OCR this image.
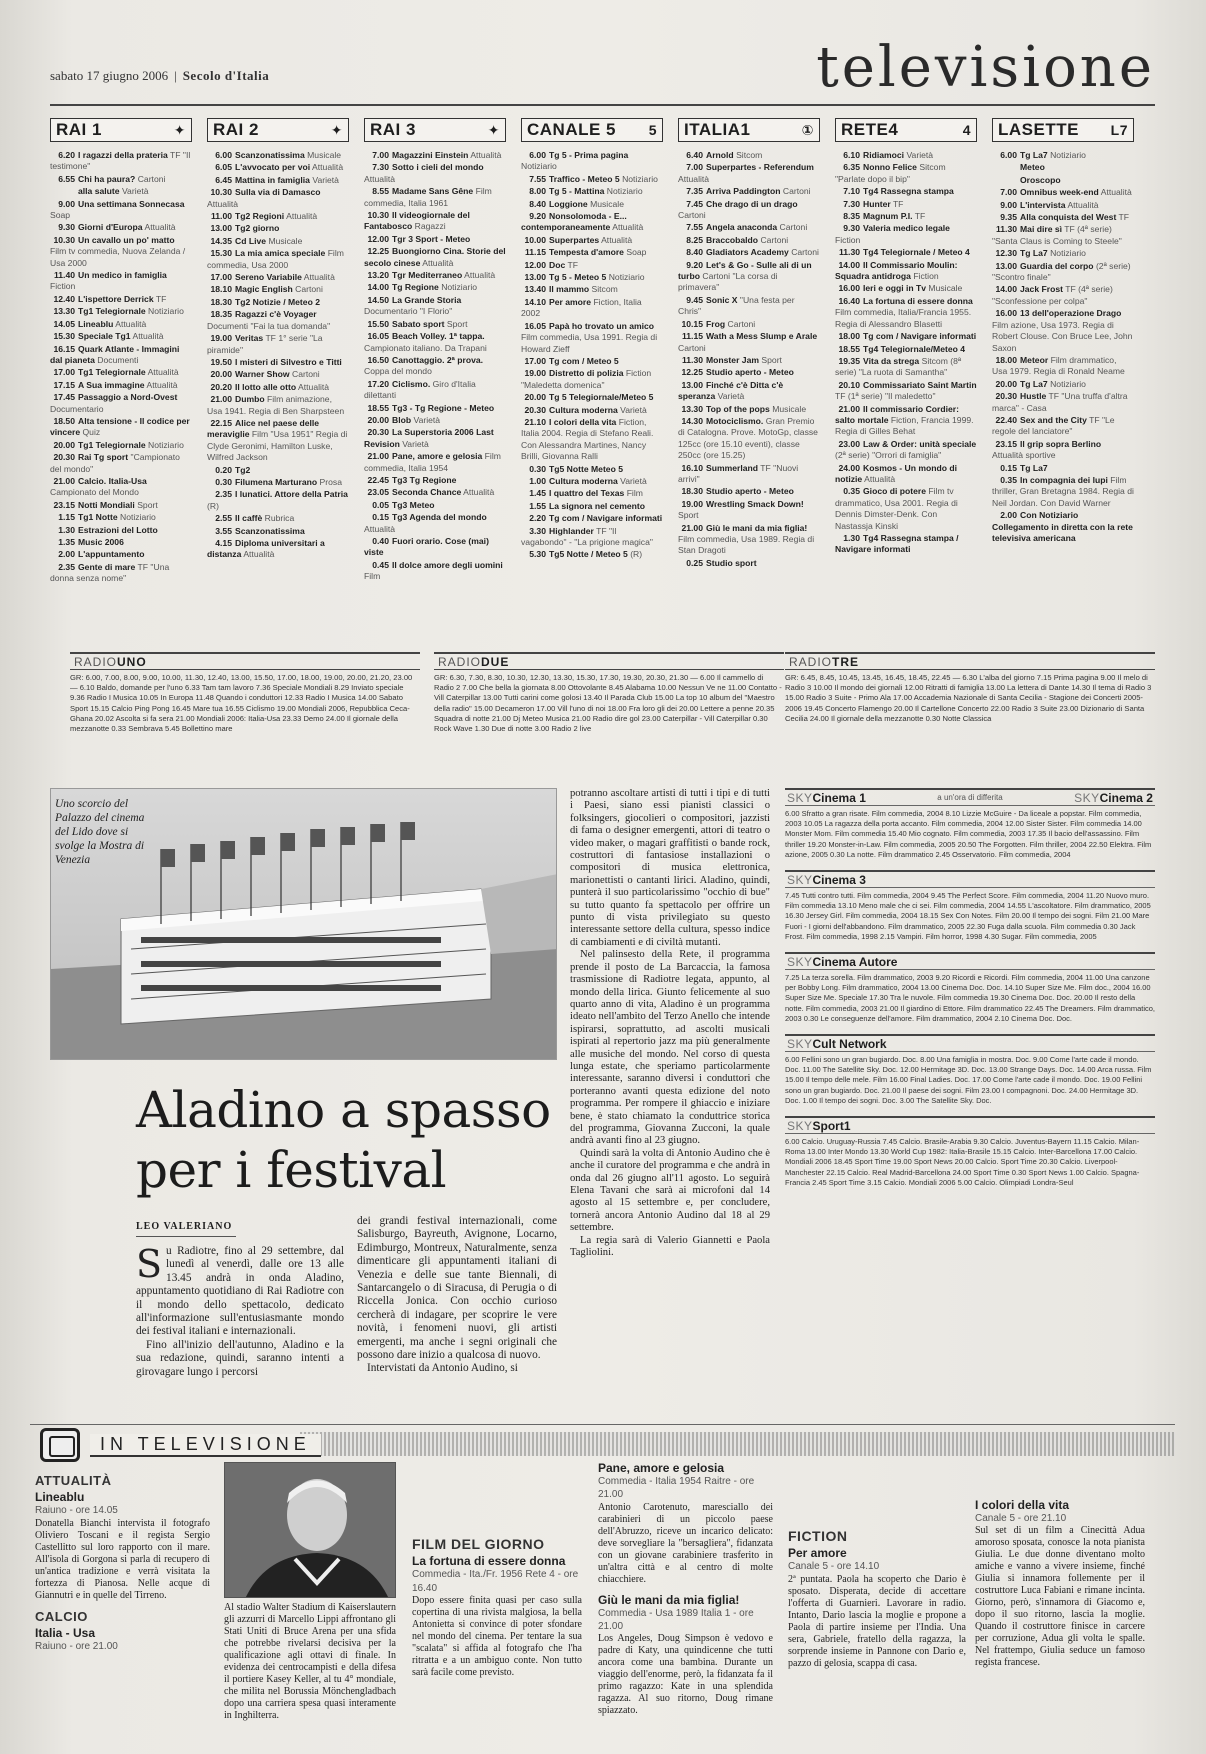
sabato 17 giugno 2006 | Secolo d'Italia	televisione
RAI 1	✦
6.20 I ragazzi della prateria TF "Il testimone"
6.55 Chi ha paura? Cartoni
alla salute Varietà
9.00 Una settimana Sonnecasa Soap
9.30 Giorni d'Europa Attualità
10.30 Un cavallo un po' matto Film tv commedia, Nuova Zelanda / Usa 2000
11.40 Un medico in famiglia Fiction
12.40 L'ispettore Derrick TF
13.30 Tg1 Telegiornale Notiziario
14.05 Lineablu Attualità
15.30 Speciale Tg1 Attualità
16.15 Quark Atlante - Immagini dal pianeta Documenti
17.00 Tg1 Telegiornale Attualità
17.15 A Sua immagine Attualità
17.45 Passaggio a Nord-Ovest Documentario
18.50 Alta tensione - Il codice per vincere Quiz
20.00 Tg1 Telegiornale Notiziario
20.30 Rai Tg sport "Campionato del mondo"
21.00 Calcio. Italia-Usa Campionato del Mondo
23.15 Notti Mondiali Sport
1.15 Tg1 Notte Notiziario
1.30 Estrazioni del Lotto
1.35 Music 2006
2.00 L'appuntamento
2.35 Gente di mare TF "Una donna senza nome"
RAI 2	✦
6.00 Scanzonatissima Musicale
6.05 L'avvocato per voi Attualità
6.45 Mattina in famiglia Varietà
10.30 Sulla via di Damasco Attualità
11.00 Tg2 Regioni Attualità
13.00 Tg2 giorno
14.35 Cd Live Musicale
15.30 La mia amica speciale Film commedia, Usa 2000
17.00 Sereno Variabile Attualità
18.10 Magic English Cartoni
18.30 Tg2 Notizie / Meteo 2
18.35 Ragazzi c'è Voyager Documenti "Fai la tua domanda"
19.00 Veritas TF 1° serie "La piramide"
19.50 I misteri di Silvestro e Titti
20.00 Warner Show Cartoni
20.20 Il lotto alle otto Attualità
21.00 Dumbo Film animazione, Usa 1941. Regia di Ben Sharpsteen
22.15 Alice nel paese delle meraviglie Film "Usa 1951" Regia di Clyde Geronimi, Hamilton Luske, Wilfred Jackson
0.20 Tg2
0.30 Filumena Marturano Prosa
2.35 I lunatici. Attore della Patria (R)
2.55 Il caffè Rubrica
3.55 Scanzonatissima
4.15 Diploma universitari a distanza Attualità
RAI 3	✦
7.00 Magazzini Einstein Attualità
7.30 Sotto i cieli del mondo Attualità
8.55 Madame Sans Gêne Film commedia, Italia 1961
10.30 Il videogiornale del Fantabosco Ragazzi
12.00 Tgr 3 Sport - Meteo
12.25 Buongiorno Cina. Storie del secolo cinese Attualità
13.20 Tgr Mediterraneo Attualità
14.00 Tg Regione Notiziario
14.50 La Grande Storia Documentario "I Florio"
15.50 Sabato sport Sport
16.05 Beach Volley. 1ª tappa. Campionato italiano. Da Trapani
16.50 Canottaggio. 2ª prova. Coppa del mondo
17.20 Ciclismo. Giro d'Italia dilettanti
18.55 Tg3 - Tg Regione - Meteo
20.00 Blob Varietà
20.30 La Superstoria 2006 Last Revision Varietà
21.00 Pane, amore e gelosia Film commedia, Italia 1954
22.45 Tg3 Tg Regione
23.05 Seconda Chance Attualità
0.05 Tg3 Meteo
0.15 Tg3 Agenda del mondo Attualità
0.40 Fuori orario. Cose (mai) viste
0.45 Il dolce amore degli uomini Film
CANALE 5 5
6.00 Tg 5 - Prima pagina Notiziario
7.55 Traffico - Meteo 5 Notiziario
8.00 Tg 5 - Mattina Notiziario
8.40 Loggione Musicale
9.20 Nonsolomoda - E... contemporaneamente Attualità
10.00 Superpartes Attualità
11.15 Tempesta d'amore Soap
12.00 Doc TF
13.00 Tg 5 - Meteo 5 Notiziario
13.40 Il mammo Sitcom
14.10 Per amore Fiction, Italia 2002
16.05 Papà ho trovato un amico Film commedia, Usa 1991. Regia di Howard Zieff
17.00 Tg com / Meteo 5
19.00 Distretto di polizia Fiction "Maledetta domenica"
20.00 Tg 5 Telegiornale/Meteo 5
20.30 Cultura moderna Varietà
21.10 I colori della vita Fiction, Italia 2004. Regia di Stefano Reali. Con Alessandra Martines, Nancy Brilli, Giovanna Ralli
0.30 Tg5 Notte Meteo 5
1.00 Cultura moderna Varietà
1.45 I quattro del Texas Film
1.55 La signora nel cemento
2.20 Tg com / Navigare informati
3.30 Highlander TF "Il vagabondo" - "La prigione magica"
5.30 Tg5 Notte / Meteo 5 (R)
ITALIA1	①
6.40 Arnold Sitcom
7.00 Superpartes - Referendum Attualità
7.35 Arriva Paddington Cartoni
7.45 Che drago di un drago Cartoni
7.55 Angela anaconda Cartoni
8.25 Braccobaldo Cartoni
8.40 Gladiators Academy Cartoni
9.20 Let's & Go - Sulle ali di un turbo Cartoni "La corsa di primavera"
9.45 Sonic X "Una festa per Chris"
10.15 Frog Cartoni
11.15 Wath a Mess Slump e Arale Cartoni
11.30 Monster Jam Sport
12.25 Studio aperto - Meteo
13.00 Finché c'è Ditta c'è speranza Varietà
13.30 Top of the pops Musicale
14.30 Motociclismo. Gran Premio di Catalogna. Prove. MotoGp, classe 125cc (ore 15.10 eventi), classe 250cc (ore 15.25)
16.10 Summerland TF "Nuovi arrivi"
18.30 Studio aperto - Meteo
19.00 Wrestling Smack Down! Sport
21.00 Giù le mani da mia figlia! Film commedia, Usa 1989. Regia di Stan Dragoti
0.25 Studio sport
RETE4	4
6.10 Ridiamoci Varietà
6.35 Nonno Felice Sitcom "Parlate dopo il bip"
7.10 Tg4 Rassegna stampa
7.30 Hunter TF
8.35 Magnum P.I. TF
9.30 Valeria medico legale Fiction
11.30 Tg4 Telegiornale / Meteo 4
14.00 Il Commissario Moulin: Squadra antidroga Fiction
16.00 Ieri e oggi in Tv Musicale
16.40 La fortuna di essere donna Film commedia, Italia/Francia 1955. Regia di Alessandro Blasetti
18.00 Tg com / Navigare informati
18.55 Tg4 Telegiornale/Meteo 4
19.35 Vita da strega Sitcom (8ª serie) "La ruota di Samantha"
20.10 Commissariato Saint Martin TF (1ª serie) "Il maledetto"
21.00 Il commissario Cordier: salto mortale Fiction, Francia 1999. Regia di Gilles Behat
23.00 Law & Order: unità speciale (2ª serie) "Orrori di famiglia"
24.00 Kosmos - Un mondo di notizie Attualità
0.35 Gioco di potere Film tv drammatico, Usa 2001. Regia di Dennis Dimster-Denk. Con Nastassja Kinski
1.30 Tg4 Rassegna stampa / Navigare informati
LASETTE L7
6.00 Tg La7 Notiziario
Meteo
Oroscopo
7.00 Omnibus week-end Attualità
9.00 L'intervista Attualità
9.35 Alla conquista del West TF
11.30 Mai dire sì TF (4ª serie) "Santa Claus is Coming to Steele"
12.30 Tg La7 Notiziario
13.00 Guardia del corpo (2ª serie) "Scontro finale"
14.00 Jack Frost TF (4ª serie) "Sconfessione per colpa"
16.00 13 dell'operazione Drago Film azione, Usa 1973. Regia di Robert Clouse. Con Bruce Lee, John Saxon
18.00 Meteor Film drammatico, Usa 1979. Regia di Ronald Neame
20.00 Tg La7 Notiziario
20.30 Hustle TF "Una truffa d'altra marca" - Casa
22.40 Sex and the City TF "Le regole del lanciatore"
23.15 Il grip sopra Berlino Attualità sportive
0.15 Tg La7
0.35 In compagnia dei lupi Film thriller, Gran Bretagna 1984. Regia di Neil Jordan. Con David Warner
2.00 Con Notiziario Collegamento in diretta con la rete televisiva americana
RADIOUNO
GR: 6.00, 7.00, 8.00, 9.00, 10.00, 11.30, 12.40, 13.00, 15.50, 17.00, 18.00, 19.00, 20.00, 21.20, 23.00 — 6.10 Baldo, domande per l'uno 6.33 Tam tam lavoro 7.36 Speciale Mondiali 8.29 Inviato speciale 9.36 Radio I Musica 10.05 In Europa 11.48 Quando i conduttori 12.33 Radio I Musica 14.00 Sabato Sport 15.15 Calcio Ping Pong 16.45 Mare tua 16.55 Ciclismo 19.00 Mondiali 2006, Repubblica Ceca-Ghana 20.02 Ascolta si fa sera 21.00 Mondiali 2006: Italia-Usa 23.33 Demo 24.00 Il giornale della mezzanotte 0.33 Sembrava 5.45 Bollettino mare
RADIODUE
GR: 6.30, 7.30, 8.30, 10.30, 12.30, 13.30, 15.30, 17.30, 19.30, 20.30, 21.30 — 6.00 Il cammello di Radio 2 7.00 Che bella la giornata 8.00 Ottovolante 8.45 Alabama 10.00 Nessun Ve ne 11.00 Contatto - Vill Caterpillar 13.00 Tutti carini come golosi 13.40 Il Parada Club 15.00 La top 10 album del "Maestro della radio" 15.00 Decameron 17.00 Vill l'uno di noi 18.00 Fra loro gli dei 20.00 Lettere a penne 20.35 Squadra di notte 21.00 Dj Meteo Musica 21.00 Radio dire gol 23.00 Caterpillar - Vill Caterpillar 0.30 Rock Wave 1.30 Due di notte 3.00 Radio 2 live
RADIOTRE
GR: 6.45, 8.45, 10.45, 13.45, 16.45, 18.45, 22.45 — 6.30 L'alba del giorno 7.15 Prima pagina 9.00 Il melo di Radio 3 10.00 Il mondo dei giornali 12.00 Ritratti di famiglia 13.00 La lettera di Dante 14.30 Il tema di Radio 3 15.00 Radio 3 Suite - Primo Ala 17.00 Accademia Nazionale di Santa Cecilia - Stagione dei Concerti 2005-2006 19.45 Concerto Flamengo 20.00 Il Cartellone Concerto 22.00 Radio 3 Suite 23.00 Dizionario di Santa Cecilia 24.00 Il giornale della mezzanotte 0.30 Notte Classica
Uno scorcio del Palazzo del cinema del Lido dove si svolge la Mostra di Venezia
Aladino a spasso
per i festival
LEO VALERIANO

Su Radiotre, fino al 29 settembre, dal lunedì al venerdì, dalle ore 13 alle 13.45 andrà in onda Aladino, appuntamento quotidiano di Rai Radiotre con il mondo dello spettacolo, dedicato all'informazione sull'entusiasmante mondo dei festival italiani e internazionali.

Fino all'inizio dell'autunno, Aladino e la sua redazione, quindi, saranno intenti a girovagare lungo i percorsi

dei grandi festival internazionali, come Salisburgo, Bayreuth, Avignone, Locarno, Edimburgo, Montreux, Naturalmente, senza dimenticare gli appuntamenti italiani di Venezia e delle sue tante Biennali, di Santarcangelo o di Siracusa, di Perugia o di Riccella Jonica. Con occhio curioso cercherà di indagare, per scoprire le vere novità, i fenomeni nuovi, gli artisti emergenti, ma anche i segni originali che possono dare inizio a qualcosa di nuovo.

Intervistati da Antonio Audino, si

potranno ascoltare artisti di tutti i tipi e di tutti i Paesi, siano essi pianisti classici o folksingers, giocolieri o compositori, jazzisti di fama o designer emergenti, attori di teatro o video maker, o magari graffitisti o bande rock, costruttori di fantasiose installazioni o compositori di musica elettronica, marionettisti o cantanti lirici. Aladino, quindi, punterà il suo particolarissimo "occhio di bue" su tutto quanto fa spettacolo per offrire un punto di vista privilegiato su questo interessante settore della cultura, spesso indice di cambiamenti e di civiltà mutanti.

Nel palinsesto della Rete, il programma prende il posto de La Barcaccia, la famosa trasmissione di Radiotre legata, appunto, al mondo della lirica. Giunto felicemente al suo quarto anno di vita, Aladino è un programma ideato nell'ambito del Terzo Anello che intende ispirarsi, soprattutto, ad ascolti musicali ispirati al repertorio jazz ma più generalmente alle musiche del mondo. Nel corso di questa lunga estate, che speriamo particolarmente interessante, saranno diversi i conduttori che porteranno avanti questa edizione del noto programma. Per rompere il ghiaccio e iniziare bene, è stato chiamato la conduttrice storica del programma, Giovanna Zucconi, la quale andrà avanti fino al 23 giugno.

Quindi sarà la volta di Antonio Audino che è anche il curatore del programma e che andrà in onda dal 26 giugno all'11 agosto. Lo seguirà Elena Tavani che sarà ai microfoni dal 14 agosto al 15 settembre e, per concludere, tornerà ancora Antonio Audino dal 18 al 29 settembre.

La regia sarà di Valerio Giannetti e Paola Tagliolini.

SKYCinema 1	a un'ora di differita	SKYCinema 2
6.00 Sfratto a gran risate. Film commedia, 2004 8.10 Lizzie McGuire - Da liceale a popstar. Film commedia, 2003 10.05 La ragazza della porta accanto. Film commedia, 2004 12.00 Sister Sister. Film commedia 14.00 Monster Mom. Film commedia 15.40 Mio cognato. Film commedia, 2003 17.35 Il bacio dell'assassino. Film thriller 19.20 Monster-in-Law. Film commedia, 2005 20.50 The Forgotten. Film thriller, 2004 22.50 Elektra. Film azione, 2005 0.30 La notte. Film drammatico 2.45 Osservatorio. Film commedia, 2004
SKYCinema 3
7.45 Tutti contro tutti. Film commedia, 2004 9.45 The Perfect Score. Film commedia, 2004 11.20 Nuovo muro. Film commedia 13.10 Meno male che ci sei. Film commedia, 2004 14.55 L'ascoltatore. Film drammatico, 2005 16.30 Jersey Girl. Film commedia, 2004 18.15 Sex Con Notes. Film 20.00 Il tempo dei sogni. Film 21.00 Mare Fuori - I giorni dell'abbandono. Film drammatico, 2005 22.30 Fuga dalla scuola. Film commedia 0.30 Jack Frost. Film commedia, 1998 2.15 Vampiri. Film horror, 1998 4.30 Sugar. Film commedia, 2005
SKYCinema Autore
7.25 La terza sorella. Film drammatico, 2003 9.20 Ricordi e Ricordi. Film commedia, 2004 11.00 Una canzone per Bobby Long. Film drammatico, 2004 13.00 Cinema Doc. Doc. 14.10 Super Size Me. Film doc., 2004 16.00 Super Size Me. Speciale 17.30 Tra le nuvole. Film commedia 19.30 Cinema Doc. Doc. 20.00 Il resto della notte. Film commedia, 2003 21.00 Il giardino di Ettore. Film drammatico 22.45 The Dreamers. Film drammatico, 2003 0.30 Le conseguenze dell'amore. Film drammatico, 2004 2.10 Cinema Doc. Doc.
SKYCult Network
6.00 Fellini sono un gran bugiardo. Doc. 8.00 Una famiglia in mostra. Doc. 9.00 Come l'arte cade il mondo. Doc. 11.00 The Satellite Sky. Doc. 12.00 Hermitage 3D. Doc. 13.00 Strange Days. Doc. 14.00 Arca russa. Film 15.00 Il tempo delle mele. Film 16.00 Final Ladies. Doc. 17.00 Come l'arte cade il mondo. Doc. 19.00 Fellini sono un gran bugiardo. Doc. 21.00 Il paese dei sogni. Film 23.00 I compagnoni. Doc. 24.00 Hermitage 3D. Doc. 1.00 Il tempo dei sogni. Doc. 3.00 The Satellite Sky. Doc.
SKYSport1
6.00 Calcio. Uruguay-Russia 7.45 Calcio. Brasile-Arabia 9.30 Calcio. Juventus-Bayern 11.15 Calcio. Milan-Roma 13.00 Inter Mondo 13.30 World Cup 1982: Italia-Brasile 15.15 Calcio. Inter-Barcellona 17.00 Calcio. Mondiali 2006 18.45 Sport Time 19.00 Sport News 20.00 Calcio. Sport Time 20.30 Calcio. Liverpool-Manchester 22.15 Calcio. Real Madrid-Barcellona 24.00 Sport Time 0.30 Sport News 1.00 Calcio. Spagna-Francia 2.45 Sport Time 3.15 Calcio. Mondiali 2006 5.00 Calcio. Olimpiadi Londra-Seul
IN TELEVISIONE
ATTUALITÀ
Lineablu
Raiuno - ore 14.05
Donatella Bianchi intervista il fotografo Oliviero Toscani e il regista Sergio Castellitto sul loro rapporto con il mare. All'isola di Gorgona si parla di recupero di un'antica tradizione e verrà visitata la fortezza di Pianosa. Nelle acque di Giannutri e in quelle del Tirreno.
CALCIO
Italia - Usa
Raiuno - ore 21.00
Al stadio Walter Stadium di Kaiserslautern gli azzurri di Marcello Lippi affrontano gli Stati Uniti di Bruce Arena per una sfida che potrebbe rivelarsi decisiva per la qualificazione agli ottavi di finale. In evidenza dei centrocampisti e della difesa il portiere Kasey Keller, al tu 4° mondiale, che milita nel Borussia Mönchengladbach dopo una carriera spesa quasi interamente in Inghilterra.
FILM DEL GIORNO
La fortuna di essere donna
Commedia - Ita./Fr. 1956 Rete 4 - ore 16.40
Dopo essere finita quasi per caso sulla copertina di una rivista malgiosa, la bella Antonietta si convince di poter sfondare nel mondo del cinema. Per tentare la sua "scalata" si affida al fotografo che l'ha ritratta e a un ambiguo conte. Non tutto sarà facile come previsto.
Pane, amore e gelosia
Commedia - Italia 1954 Raitre - ore 21.00
Antonio Carotenuto, maresciallo dei carabinieri di un piccolo paese dell'Abruzzo, riceve un incarico delicato: deve sorvegliare la "bersagliera", fidanzata con un giovane carabiniere trasferito in un'altra città e al centro di molte chiacchiere.
Giù le mani da mia figlia!
Commedia - Usa 1989 Italia 1 - ore 21.00
Los Angeles, Doug Simpson è vedovo e padre di Katy, una quindicenne che tutti ancora come una bambina. Durante un viaggio dell'enorme, però, la fidanzata fa il primo ragazzo: Kate in una splendida ragazza. Al suo ritorno, Doug rimane spiazzato.
FICTION
Per amore
Canale 5 - ore 14.10
2ª puntata. Paola ha scoperto che Dario è sposato. Disperata, decide di accettare l'offerta di Guarnieri. Lavorare in radio. Intanto, Dario lascia la moglie e propone a Paola di partire insieme per l'India. Una sera, Gabriele, fratello della ragazza, la sorprende insieme in Pannone con Dario e, pazzo di gelosia, scappa di casa.
I colori della vita
Canale 5 - ore 21.10
Sul set di un film a Cinecittà Adua amoroso sposata, conosce la nota pianista Giulia. Le due donne diventano molto amiche e vanno a vivere insieme, finché Giulia si innamora follemente per il costruttore Luca Fabiani e rimane incinta. Giorno, però, s'innamora di Giacomo e, dopo il suo ritorno, lascia la moglie. Quando il costruttore finisce in carcere per corruzione, Adua gli volta le spalle. Nel frattempo, Giulia seduce un famoso regista francese.
